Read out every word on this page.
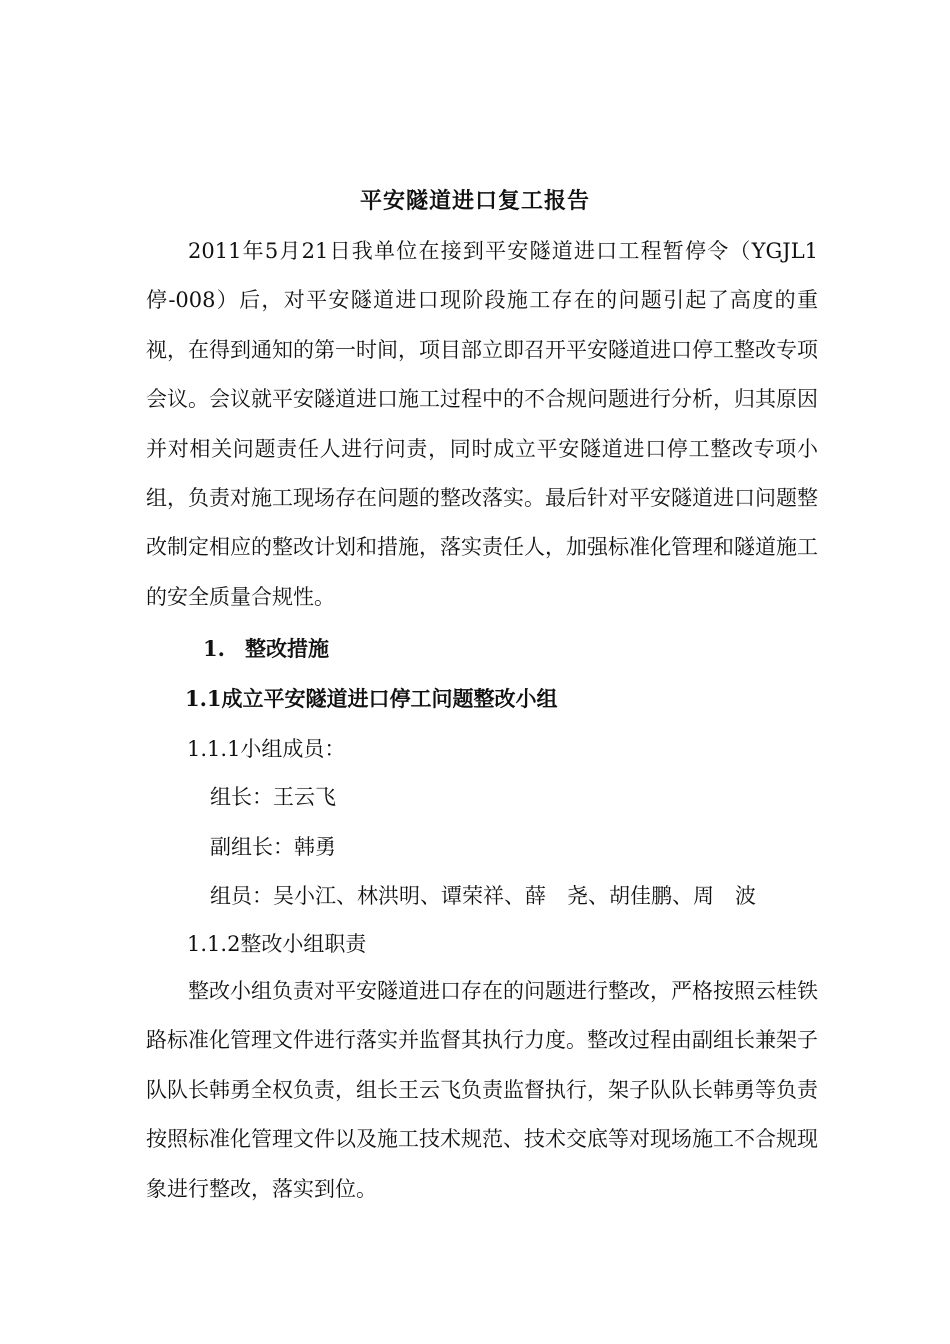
平安隧道进口复工报告

2011年5月21日我单位在接到平安隧道进口工程暂停令（YGJL1停-008）后，对平安隧道进口现阶段施工存在的问题引起了高度的重视，在得到通知的第一时间，项目部立即召开平安隧道进口停工整改专项会议。会议就平安隧道进口施工过程中的不合规问题进行分析，归其原因并对相关问题责任人进行问责，同时成立平安隧道进口停工整改专项小组，负责对施工现场存在问题的整改落实。最后针对平安隧道进口问题整改制定相应的整改计划和措施，落实责任人，加强标准化管理和隧道施工的安全质量合规性。

1. 整改措施
1.1成立平安隧道进口停工问题整改小组
1.1.1小组成员：
组长：王云飞
副组长：韩勇
组员：吴小江、林洪明、谭荣祥、薛　尧、胡佳鹏、周　波
1.1.2整改小组职责

整改小组负责对平安隧道进口存在的问题进行整改，严格按照云桂铁路标准化管理文件进行落实并监督其执行力度。整改过程由副组长兼架子队队长韩勇全权负责，组长王云飞负责监督执行，架子队队长韩勇等负责按照标准化管理文件以及施工技术规范、技术交底等对现场施工不合规现象进行整改，落实到位。
